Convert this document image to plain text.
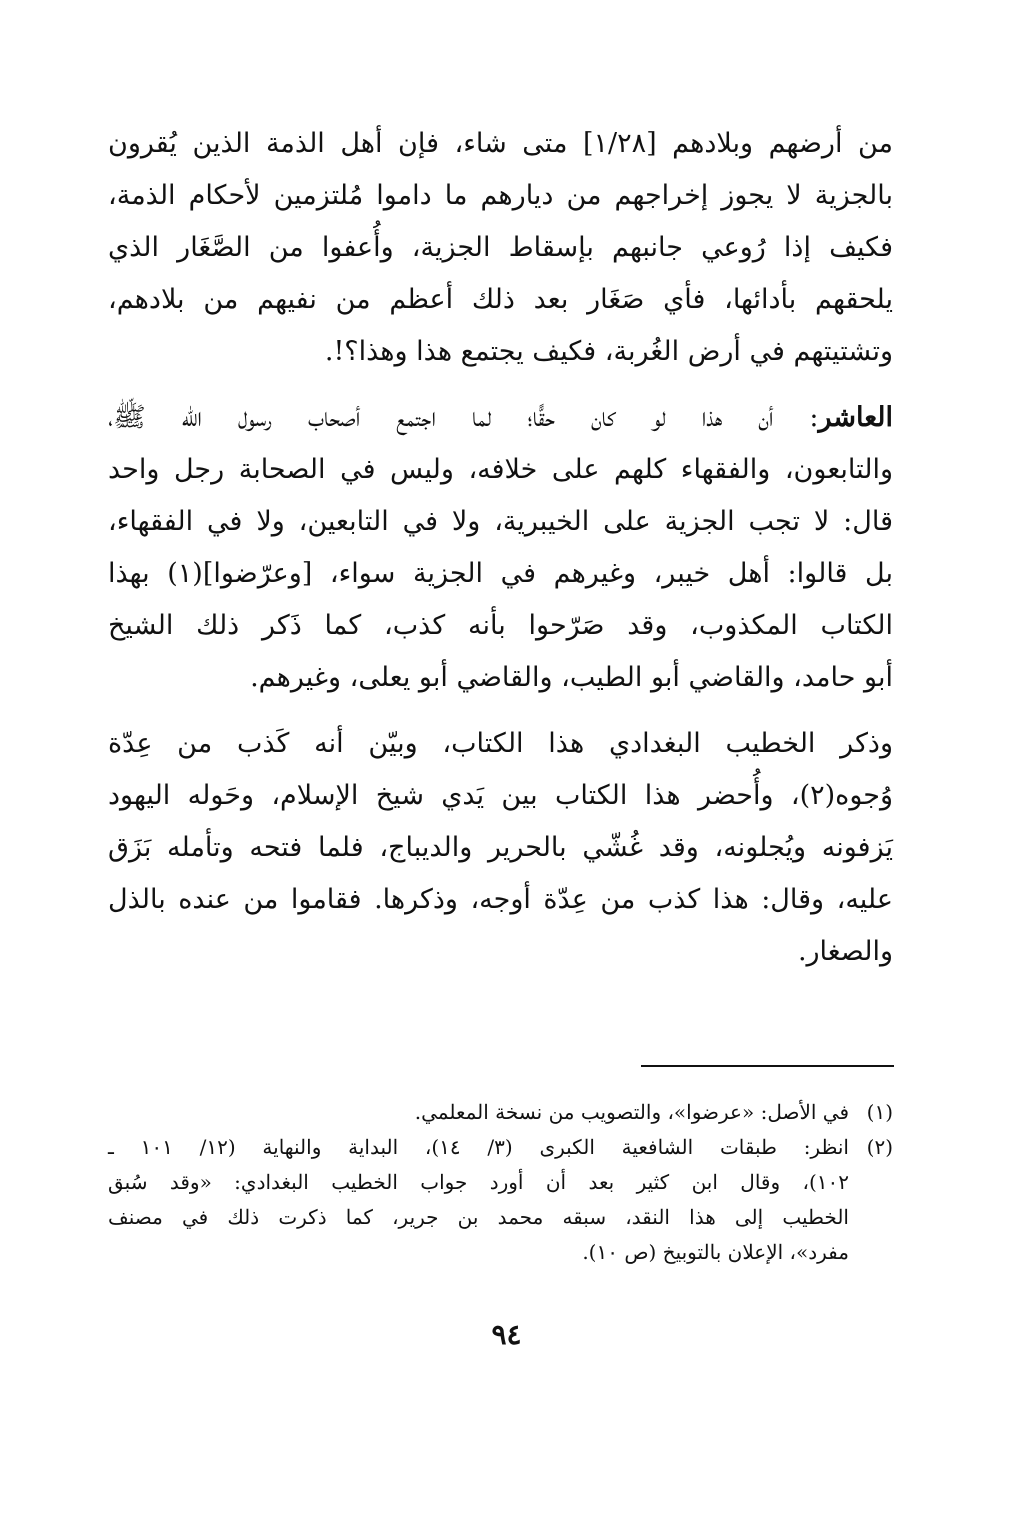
من أرضهم وبلادهم [١/٢٨] متى شاء، فإن أهل الذمة الذين يُقرون
بالجزية لا يجوز إخراجهم من ديارهم ما داموا مُلتزمين لأحكام الذمة،
فكيف إذا رُوعي جانبهم بإسقاط الجزية، وأُعفوا من الصَّغَار الذي
يلحقهم بأدائها، فأي صَغَار بعد ذلك أعظم من نفيهم من بلادهم،
وتشتيتهم في أرض الغُربة، فكيف يجتمع هذا وهذا؟!.

العاشر: أن هذا لو كان حقًّا؛ لما اجتمع أصحاب رسول الله ﷺ،
والتابعون، والفقهاء كلهم على خلافه، وليس في الصحابة رجل واحد
قال: لا تجب الجزية على الخيبرية، ولا في التابعين، ولا في الفقهاء،
بل قالوا: أهل خيبر، وغيرهم في الجزية سواء، [وعرّضوا](١) بهذا
الكتاب المكذوب، وقد صَرّحوا بأنه كذب، كما ذَكر ذلك الشيخ
أبو حامد، والقاضي أبو الطيب، والقاضي أبو يعلى، وغيرهم.

وذكر الخطيب البغدادي هذا الكتاب، وبيّن أنه كَذب من عِدّة
وُجوه(٢)، وأُحضر هذا الكتاب بين يَدي شيخ الإسلام، وحَوله اليهود
يَزفونه ويُجلونه، وقد غُشّي بالحرير والديباج، فلما فتحه وتأمله بَزَق
عليه، وقال: هذا كذب من عِدّة أوجه، وذكرها. فقاموا من عنده بالذل
والصغار.

(١)
في الأصل: «عرضوا»، والتصويب من نسخة المعلمي.
(٢)
انظر: طبقات الشافعية الكبرى (٣/ ١٤)، البداية والنهاية (١٢/ ١٠١ ـ
١٠٢)، وقال ابن كثير بعد أن أورد جواب الخطيب البغدادي: «وقد سُبق
الخطيب إلى هذا النقد، سبقه محمد بن جرير، كما ذكرت ذلك في مصنف
مفرد»، الإعلان بالتوبيخ (ص ١٠).
٩٤
